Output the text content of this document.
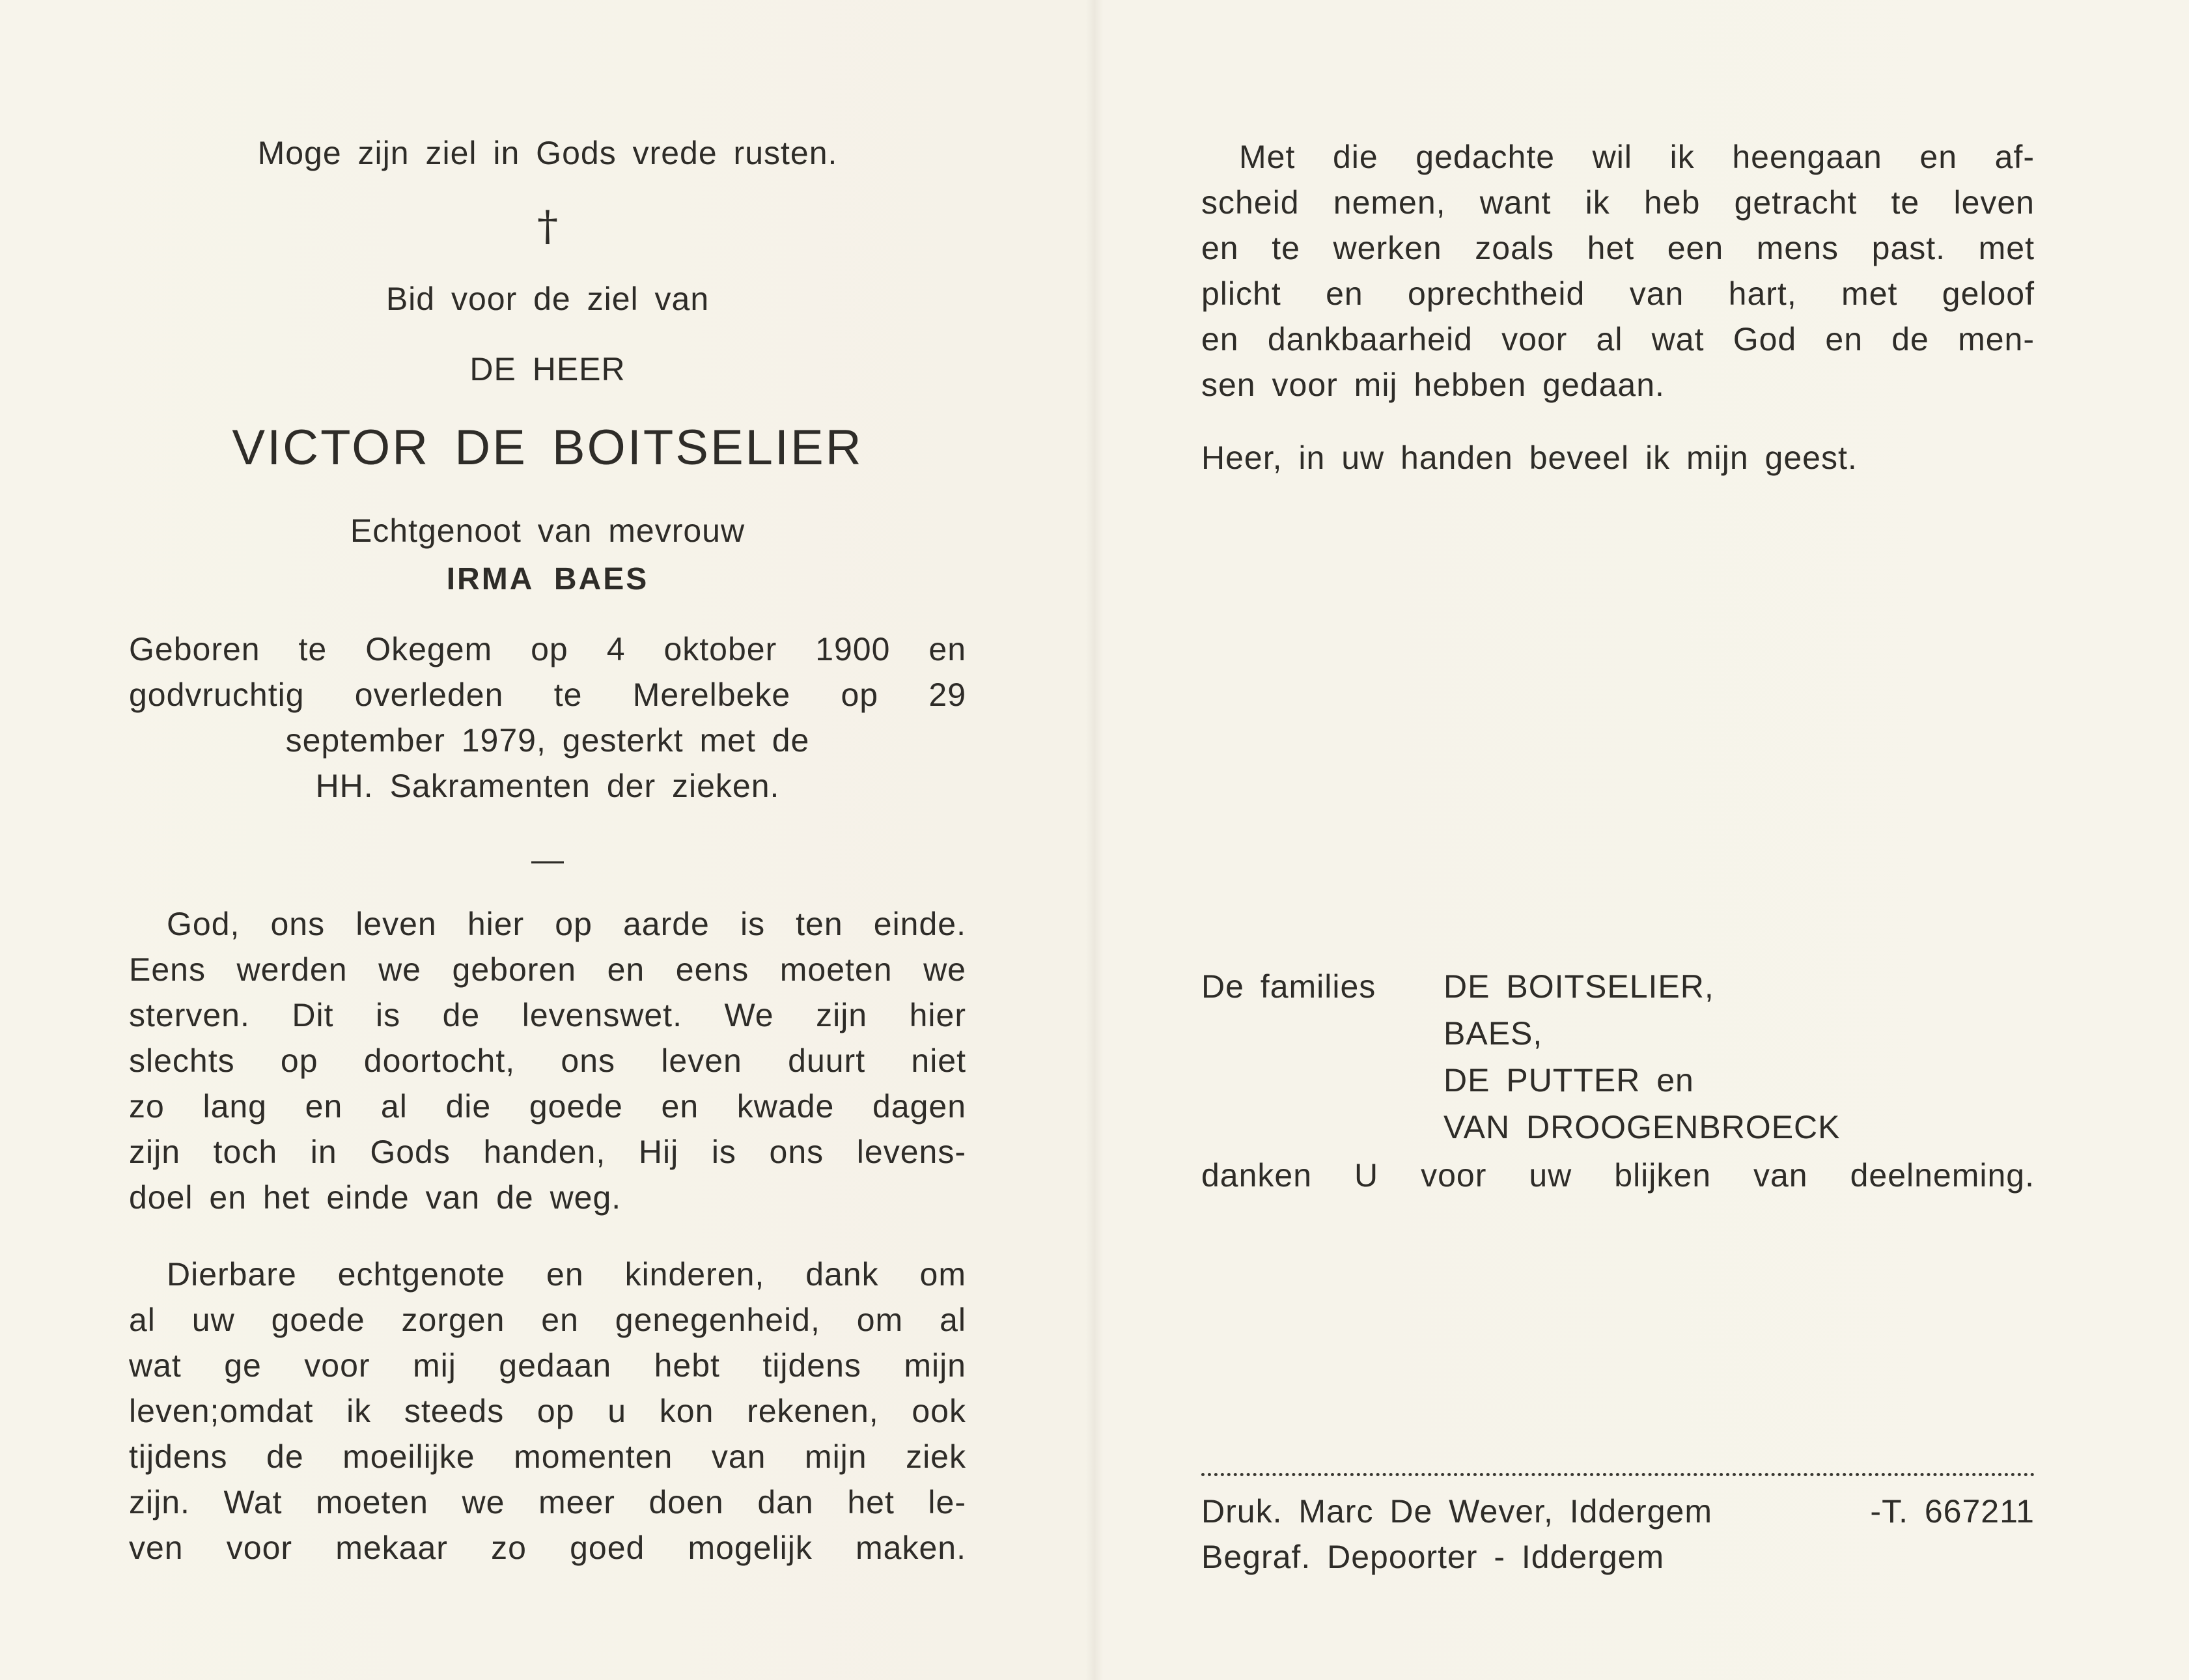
Moge zijn ziel in Gods vrede rusten.
†
Bid voor de ziel van
DE HEER
VICTOR DE BOITSELIER
Echtgenoot van mevrouw
IRMA BAES
Geboren te Okegem op 4 oktober 1900 en
godvruchtig overleden te Merelbeke op 29
september 1979, gesterkt met de
HH. Sakramenten der zieken.
—
God, ons leven hier op aarde is ten einde.
Eens werden we geboren en eens moeten we
sterven. Dit is de levenswet. We zijn hier
slechts op doortocht, ons leven duurt niet
zo lang en al die goede en kwade dagen
zijn toch in Gods handen, Hij is ons levens-
doel en het einde van de weg.
Dierbare echtgenote en kinderen, dank om
al uw goede zorgen en genegenheid, om al
wat ge voor mij gedaan hebt tijdens mijn
leven;omdat ik steeds op u kon rekenen, ook
tijdens de moeilijke momenten van mijn ziek
zijn. Wat moeten we meer doen dan het le-
ven voor mekaar zo goed mogelijk maken.
Met die gedachte wil ik heengaan en af-
scheid nemen, want ik heb getracht te leven
en te werken zoals het een mens past. met
plicht en oprechtheid van hart, met geloof
en dankbaarheid voor al wat God en de men-
sen voor mij hebben gedaan.
Heer, in uw handen beveel ik mijn geest.
De families DE BOITSELIER,
BAES,
DE PUTTER en
VAN DROOGENBROECK
danken U voor uw blijken van deelneming.
Druk. Marc De Wever, Iddergem	-T. 667211
Begraf. Depoorter - Iddergem
